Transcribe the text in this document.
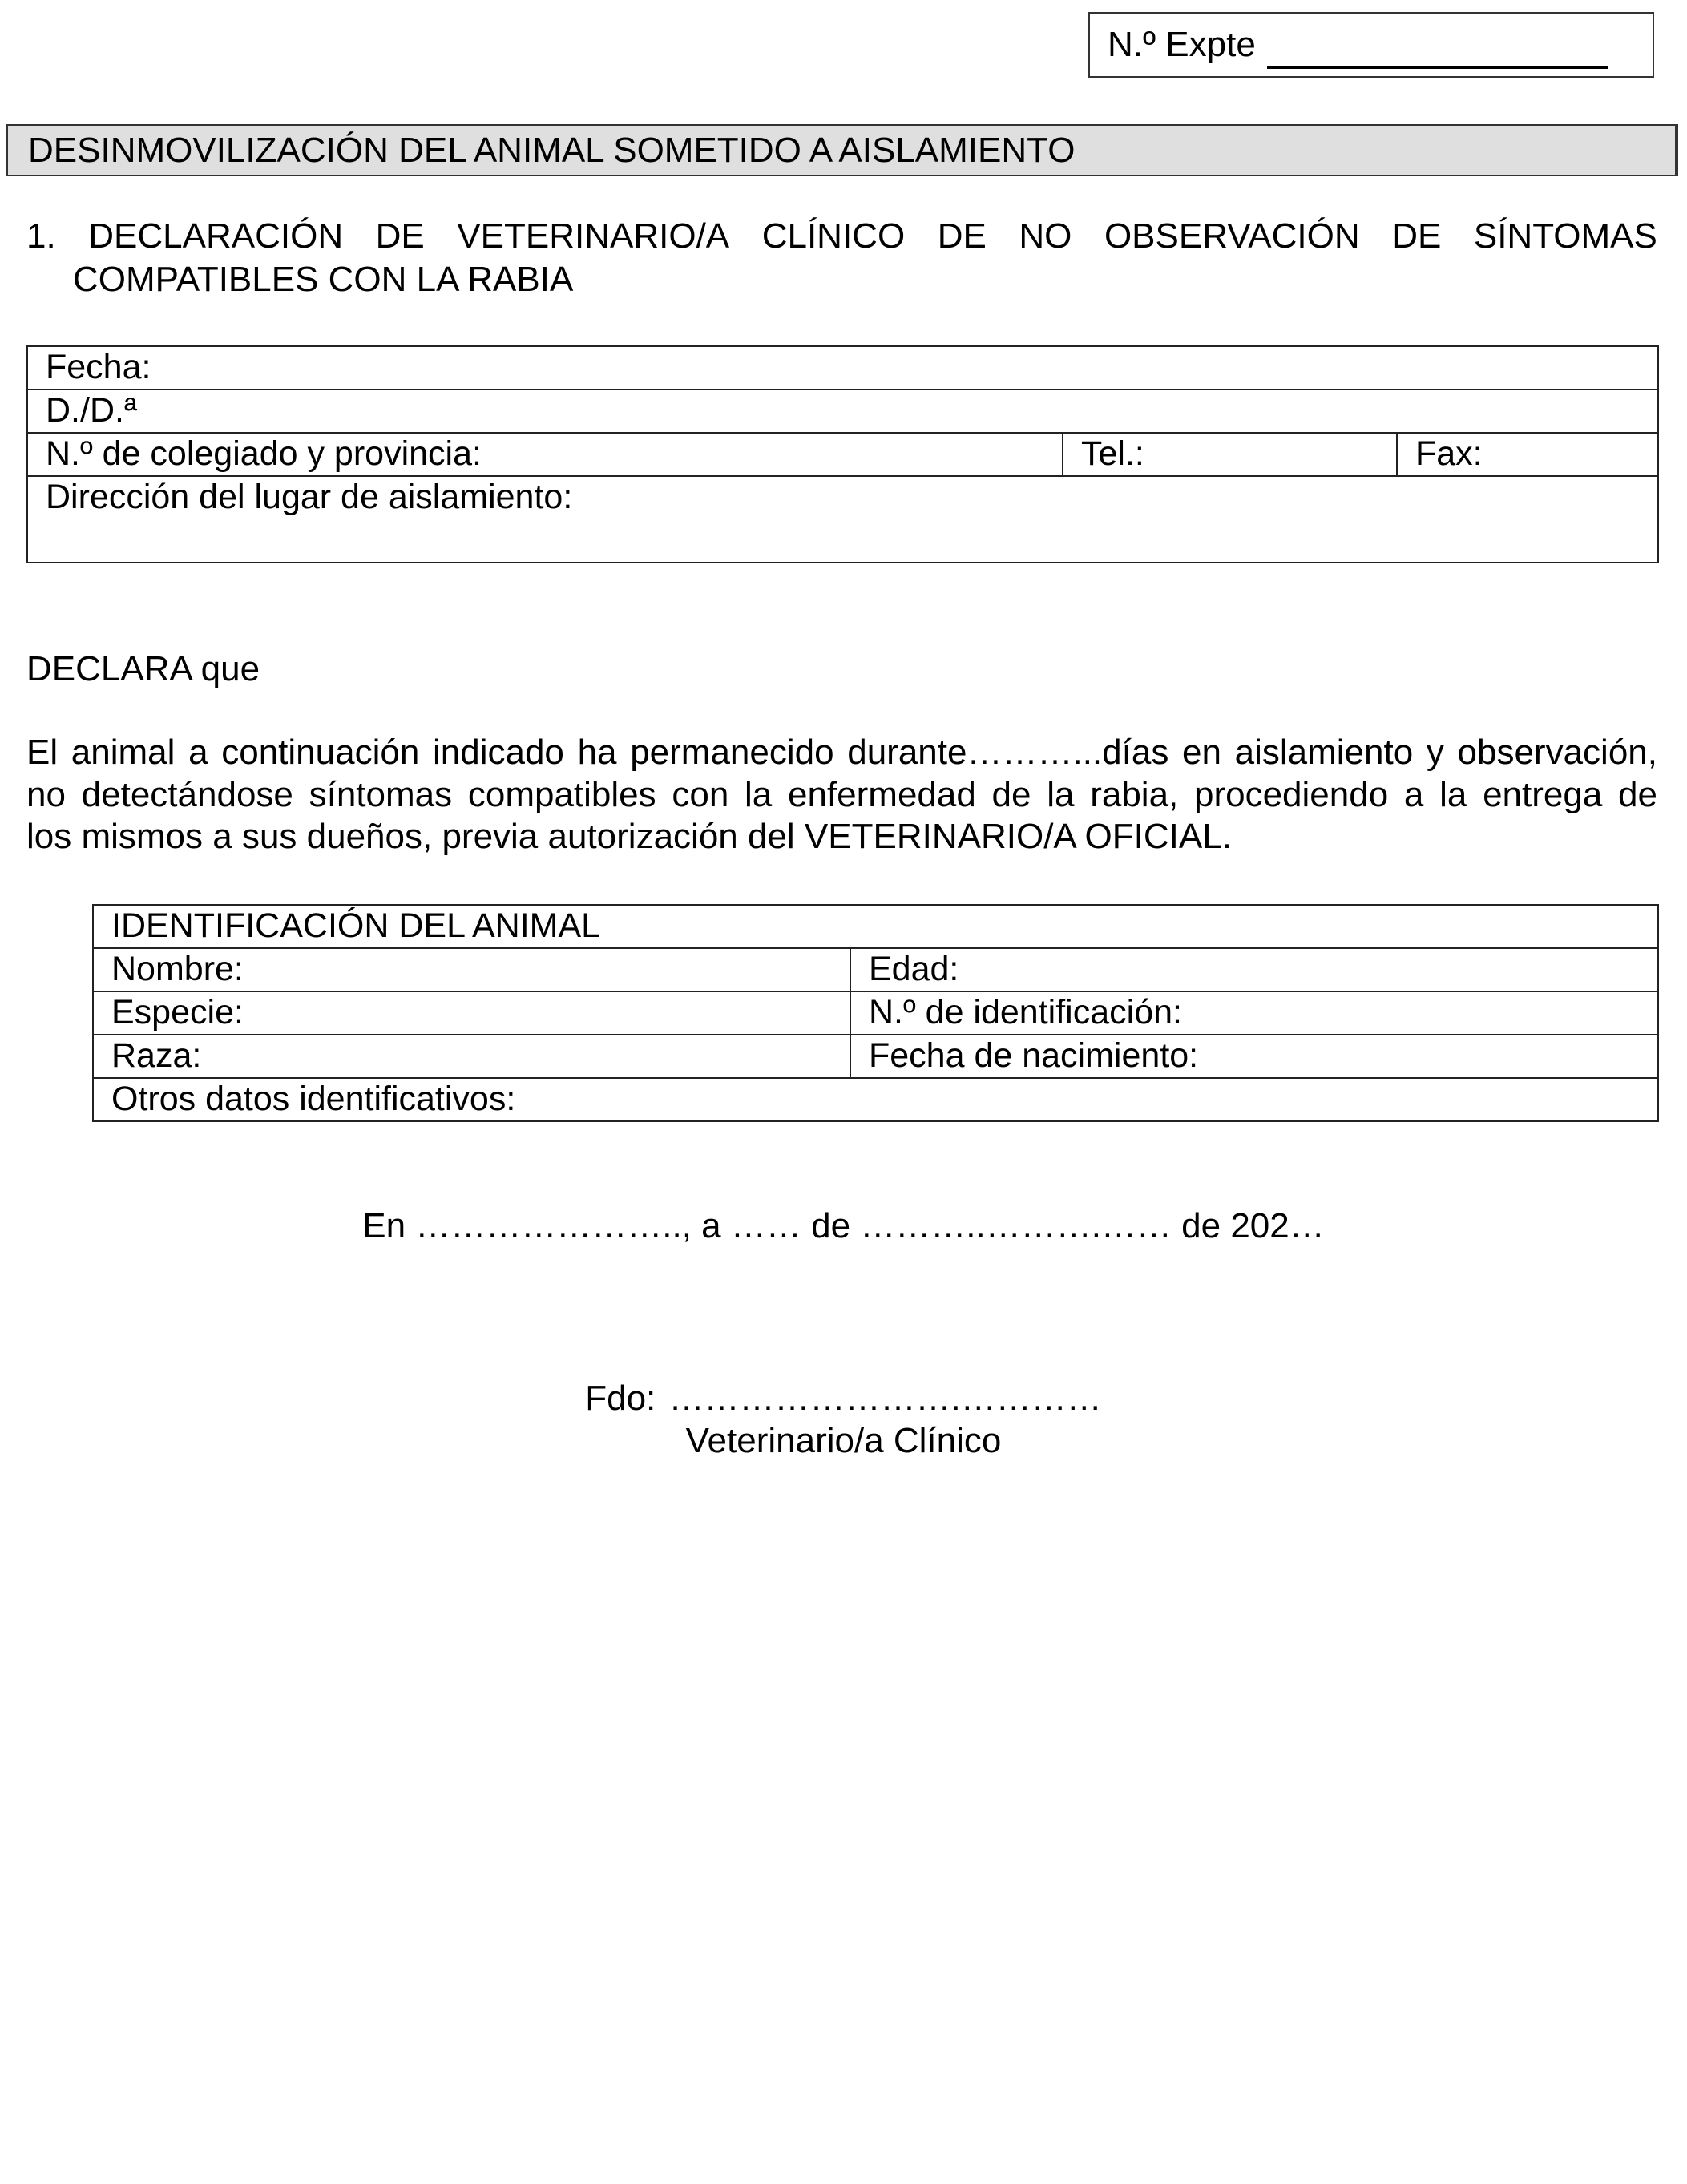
N.º Expte
DESINMOVILIZACIÓN DEL ANIMAL SOMETIDO A AISLAMIENTO
1. DECLARACIÓN DE VETERINARIO/A CLÍNICO DE NO OBSERVACIÓN DE SÍNTOMAS
COMPATIBLES CON LA RABIA
Fecha:
D./D.ª
N.º de colegiado y provincia:	Tel.:	Fax:
Dirección del lugar de aislamiento:
DECLARA que
El animal a continuación indicado ha permanecido durante………...días en aislamiento y observación,
no detectándose síntomas compatibles con la enfermedad de la rabia, procediendo a la entrega de
los mismos a sus dueños, previa autorización del VETERINARIO/A OFICIAL.
IDENTIFICACIÓN DEL ANIMAL	
Nombre:	Edad:
Especie:	N.º de identificación:
Raza:	Fecha de nacimiento:
Otros datos identificativos:	
En ………………….., a …… de ………..……….…… de 202…
Fdo: …………………….…………
Veterinario/a Clínico
